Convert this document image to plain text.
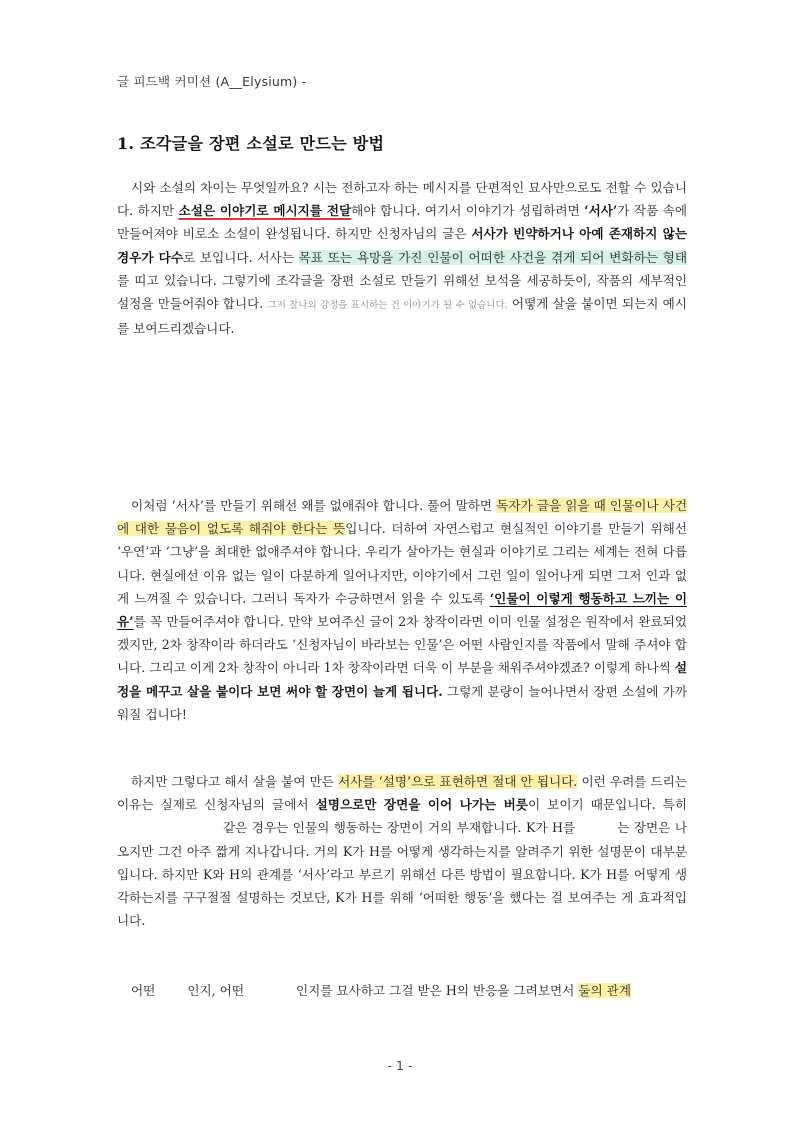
글 피드백 커미션 (A__Elysium) -
1. 조각글을 장편 소설로 만드는 방법
시와 소설의 차이는 무엇일까요? 시는 전하고자 하는 메시지를 단편적인 묘사만으로도 전할 수 있습니다. 하지만 소설은 이야기로 메시지를 전달해야 합니다. 여기서 이야기가 성립하려면 ‘서사’가 작품 속에 만들어져야 비로소 소설이 완성됩니다. 하지만 신청자님의 글은 서사가 빈약하거나 아예 존재하지 않는 경우가 다수로 보입니다. 서사는 목표 또는 욕망을 가진 인물이 어떠한 사건을 겪게 되어 변화하는 형태를 띠고 있습니다. 그렇기에 조각글을 장편 소설로 만들기 위해선 보석을 세공하듯이, 작품의 세부적인 설정을 만들어줘야 합니다. 그저 찰나의 감정을 표시하는 건 이야기가 될 수 없습니다. 어떻게 살을 붙이면 되는지 예시를 보여드리겠습니다.
이처럼 ‘서사’를 만들기 위해선 왜를 없애줘야 합니다. 풀어 말하면 독자가 글을 읽을 때 인물이나 사건에 대한 물음이 없도록 해줘야 한다는 뜻입니다. 더하여 자연스럽고 현실적인 이야기를 만들기 위해선 ‘우연’과 ‘그냥’을 최대한 없애주셔야 합니다. 우리가 살아가는 현실과 이야기로 그리는 세계는 전혀 다릅니다. 현실에선 이유 없는 일이 다분하게 일어나지만, 이야기에서 그런 일이 일어나게 되면 그저 인과 없게 느껴질 수 있습니다. 그러니 독자가 수긍하면서 읽을 수 있도록 ‘인물이 이렇게 행동하고 느끼는 이유’를 꼭 만들어주셔야 합니다. 만약 보여주신 글이 2차 창작이라면 이미 인물 설정은 원작에서 완료되었겠지만, 2차 창작이라 하더라도 ‘신청자님이 바라보는 인물’은 어떤 사람인지를 작품에서 말해 주셔야 합니다. 그리고 이게 2차 창작이 아니라 1차 창작이라면 더욱 이 부분을 채워주셔야겠죠? 이렇게 하나씩 설정을 메꾸고 살을 붙이다 보면 써야 할 장면이 늘게 됩니다. 그렇게 분량이 늘어나면서 장편 소설에 가까워질 겁니다!
하지만 그렇다고 해서 살을 붙여 만든 서사를 ‘설명’으로 표현하면 절대 안 됩니다. 이런 우려를 드리는 이유는 실제로 신청자님의 글에서 설명으로만 장면을 이어 나가는 버릇이 보이기 때문입니다. 특히같은 경우는 인물의 행동하는 장면이 거의 부재합니다. K가 H를	는 장면은 나오지만 그건 아주 짧게 지나갑니다. 거의 K가 H를 어떻게 생각하는지를 알려주기 위한 설명문이 대부분입니다. 하지만 K와 H의 관계를 ‘서사’라고 부르기 위해선 다른 방법이 필요합니다. K가 H를 어떻게 생각하는지를 구구절절 설명하는 것보단, K가 H를 위해 ‘어떠한 행동’을 했다는 걸 보여주는 게 효과적입니다.
어떤	인지, 어떤	인지를 묘사하고 그걸 받은 H의 반응을 그려보면서 둘의 관계
- 1 -
